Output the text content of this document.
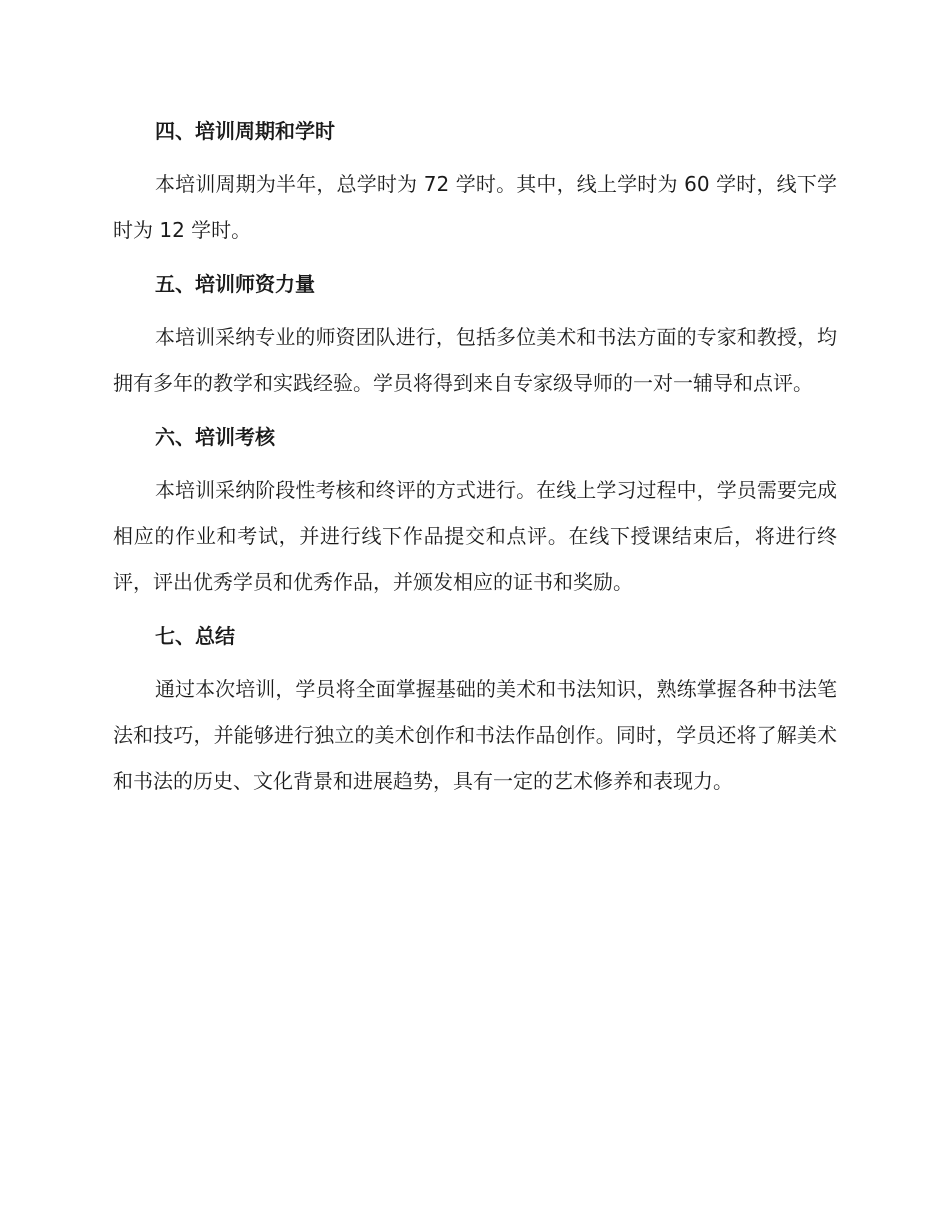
四、培训周期和学时

本培训周期为半年，总学时为 72 学时。其中，线上学时为 60 学时，线下学时为 12 学时。

五、培训师资力量

本培训采纳专业的师资团队进行，包括多位美术和书法方面的专家和教授，均拥有多年的教学和实践经验。学员将得到来自专家级导师的一对一辅导和点评。

六、培训考核

本培训采纳阶段性考核和终评的方式进行。在线上学习过程中，学员需要完成相应的作业和考试，并进行线下作品提交和点评。在线下授课结束后，将进行终评，评出优秀学员和优秀作品，并颁发相应的证书和奖励。

七、总结

通过本次培训，学员将全面掌握基础的美术和书法知识，熟练掌握各种书法笔法和技巧，并能够进行独立的美术创作和书法作品创作。同时，学员还将了解美术和书法的历史、文化背景和进展趋势，具有一定的艺术修养和表现力。
